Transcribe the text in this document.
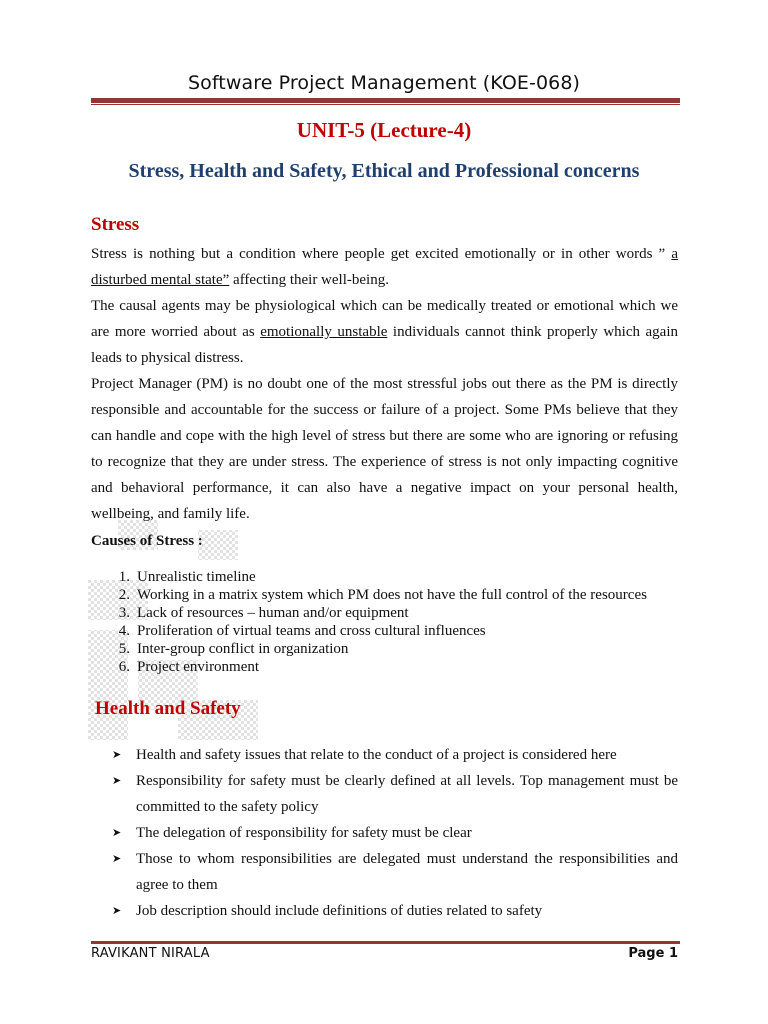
Software Project Management (KOE-068)
UNIT-5 (Lecture-4)
Stress, Health and Safety, Ethical and Professional concerns
Stress

Stress is nothing but a condition where people get excited emotionally or in other words ” a disturbed mental state” affecting their well-being.

The causal agents may be physiological which can be medically treated or emotional which we are more worried about as emotionally unstable individuals cannot think properly which again leads to physical distress.

Project Manager (PM) is no doubt one of the most stressful jobs out there as the PM is directly responsible and accountable for the success or failure of a project. Some PMs believe that they can handle and cope with the high level of stress but there are some who are ignoring or refusing to recognize that they are under stress. The experience of stress is not only impacting cognitive and behavioral performance, it can also have a negative impact on your personal health, wellbeing, and family life.

Causes of Stress :
1. Unrealistic timeline
2. Working in a matrix system which PM does not have the full control of the resources
3. Lack of resources – human and/or equipment
4. Proliferation of virtual teams and cross cultural influences
5. Inter-group conflict in organization
6. Project environment
Health and Safety
➤ Health and safety issues that relate to the conduct of a project is considered here
➤ Responsibility for safety must be clearly defined at all levels. Top management must be committed to the safety policy
➤ The delegation of responsibility for safety must be clear
➤ Those to whom responsibilities are delegated must understand the responsibilities and agree to them
➤ Job description should include definitions of duties related to safety
RAVIKANT NIRALA	Page 1
